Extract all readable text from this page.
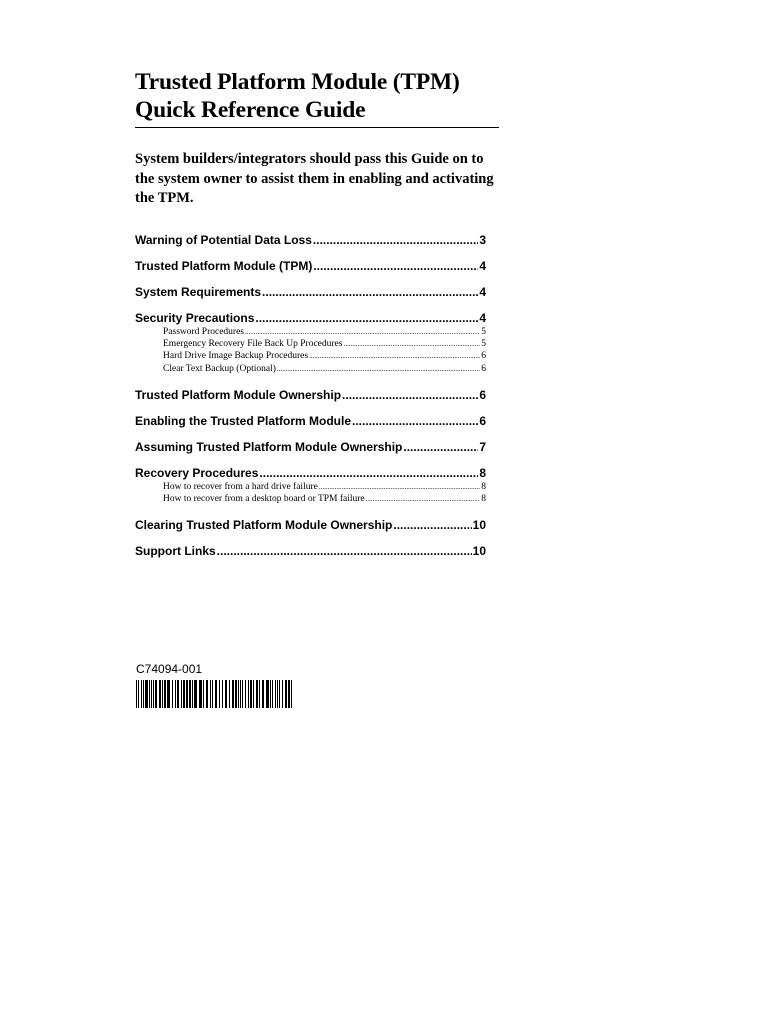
Trusted Platform Module (TPM)
Quick Reference Guide

System builders/integrators should pass this Guide on to the system owner to assist them in enabling and activating the TPM.

Warning of Potential Data Loss .....	3
Trusted Platform Module (TPM) .....	4
System Requirements .....	4
Security Precautions .....	4
Password Procedures .....	5
Emergency Recovery File Back Up Procedures .....	5
Hard Drive Image Backup Procedures .....	6
Clear Text Backup (Optional) .....	6
Trusted Platform Module Ownership .....	6
Enabling the Trusted Platform Module .....	6
Assuming Trusted Platform Module Ownership .....	7
Recovery Procedures .....	8
How to recover from a hard drive failure .....	8
How to recover from a desktop board or TPM failure .....	8
Clearing Trusted Platform Module Ownership .....	10
Support Links .....	10
C74094-001
